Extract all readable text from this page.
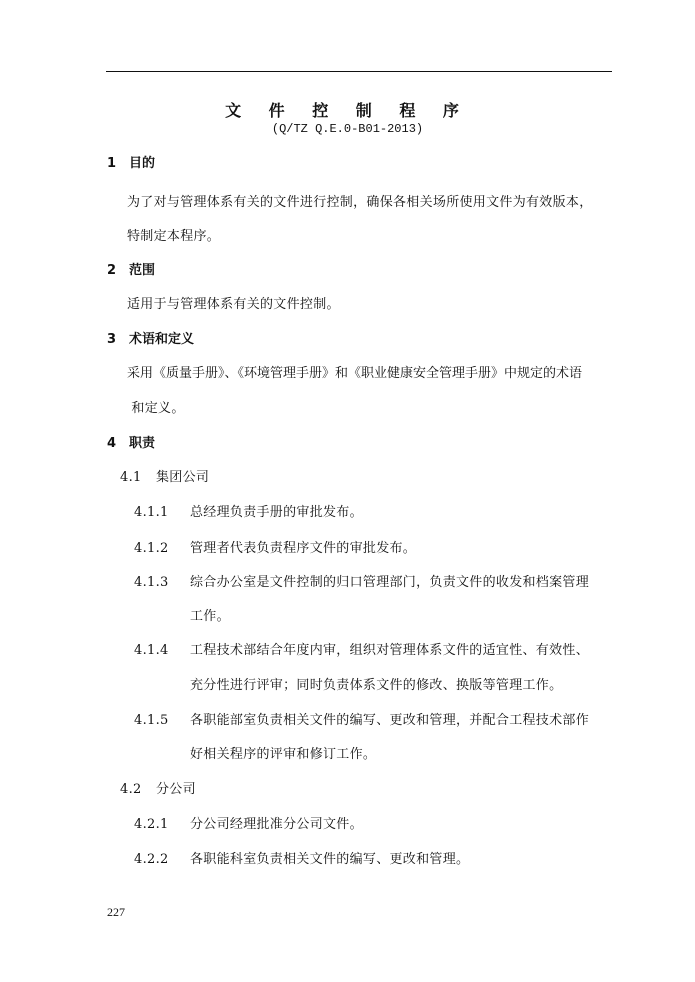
文 件 控 制 程 序
(Q/TZ Q.E.0-B01-2013)
1 目的
为了对与管理体系有关的文件进行控制，确保各相关场所使用文件为有效版本，
特制定本程序。
2 范围
适用于与管理体系有关的文件控制。
3 术语和定义
采用《质量手册》、《环境管理手册》和《职业健康安全管理手册》中规定的术语
和定义。
4 职责
4.1 集团公司
4.1.1 总经理负责手册的审批发布。
4.1.2 管理者代表负责程序文件的审批发布。
4.1.3 综合办公室是文件控制的归口管理部门，负责文件的收发和档案管理
工作。
4.1.4 工程技术部结合年度内审，组织对管理体系文件的适宜性、有效性、
充分性进行评审；同时负责体系文件的修改、换版等管理工作。
4.1.5 各职能部室负责相关文件的编写、更改和管理，并配合工程技术部作
好相关程序的评审和修订工作。
4.2 分公司
4.2.1 分公司经理批准分公司文件。
4.2.2 各职能科室负责相关文件的编写、更改和管理。
227
